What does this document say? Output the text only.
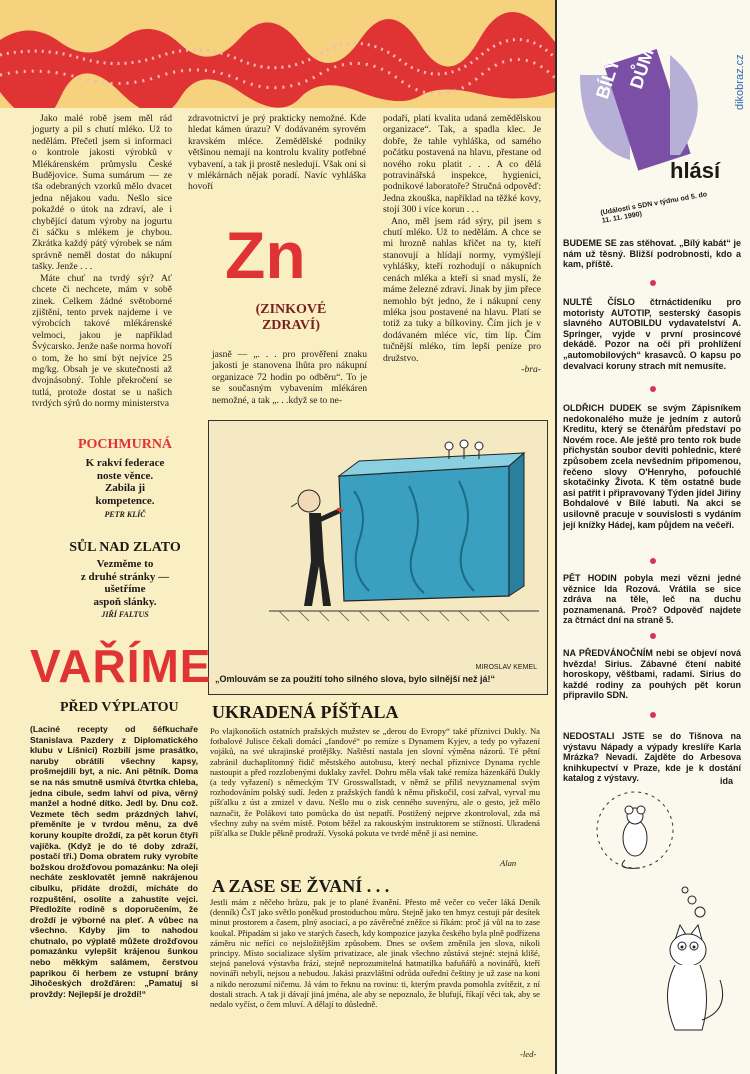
Jako malé robě jsem měl rád jogurty a pil s chutí mléko. Už to nedělám. Přečetl jsem si informaci o kontrole jakosti výrobků v Mlékárenském průmyslu České Budějovice. Suma sumárum — ze tša odebraných vzorků mělo dvacet jedna nějakou vadu. Nešlo sice pokaždé o útok na zdraví, ale i chybějící datum výroby na jogurtu či sáčku s mlékem je chybou. Zkrátka každý pátý výrobek se nám správně neměl dostat do nákupní tašky. Jenže . . .
Máte chuť na tvrdý sýr? Ať chcete či nechcete, mám v sobě zinek. Celkem žádné světoborné zjištění, tento prvek najdeme i ve výrobcích takové mlékárenské velmoci, jakou je například Švýcarsko. Jenže naše norma hovoří o tom, že ho smí být nejvíce 25 mg/kg. Obsah je ve skutečnosti až dvojnásobný. Tohle překročení se tutlá, protože dostat se u našich tvrdých sýrů do normy ministerstva
zdravotnictví je prý prakticky nemožné. Kde hledat kámen úrazu? V dodávaném syrovém kravském mléce. Zemědělské podniky většinou nemají na kontrolu kvality potřebné vybavení, a tak ji prostě nesledují. Však oni si v mlékárnách nějak poradí. Navíc vyhláška hovoří
Zn
(ZINKOVÉ ZDRAVÍ)
jasně — „. . . pro prověření znaku jakosti je stanovena lhůta pro nákupní organizace 72 hodin po odběru“. To je se současným vybavením mlékáren nemožné, a tak „. . .když se to ne-
podaří, platí kvalita udaná zemědělskou organizace“. Tak, a spadla klec. Je dobře, že tahle vyhláška, od samého počátku postavená na hlavu, přestane od nového roku platit . . . A co dělá potravinářská inspekce, hygienici, podnikové laboratoře? Stručná odpověď: Jedna zkouška, například na těžké kovy, stojí 300 i více korun . . .
Ano, měl jsem rád sýry, pil jsem s chutí mléko. Už to nedělám. A chce se mi hrozně nahlas křičet na ty, kteří stanovují a hlídají normy, vymýšlejí vyhlášky, kteří rozhodují o nákupních cenách mléka a kteří si snad myslí, že máme železné zdraví. Jinak by jim přece nemohlo být jedno, že i nákupní ceny mléka jsou postavené na hlavu. Platí se totiž za tuky a bílkoviny. Čím jich je v dodávaném mléce víc, tím líp. Čím tučnější mléko, tím lepší peníze pro družstvo.
-bra-
POCHMURNÁ
K rakví federace
noste věnce.
Zabila ji
kompetence.
PETR KLÍČ
SŮL NAD ZLATO
Vezměme to
z druhé stránky —
ušetříme
aspoň slánky.
JIŘÍ FALTUS
MIROSLAV KEMEL
„Omlouvám se za použití toho silného slova, bylo silnější než já!“
VAŘÍME
PŘED VÝPLATOU
(Laciné recepty od šéfkuchaře Stanislava Pazdery z Diplomatického klubu v Líšnici) Rozbilí jsme prasátko, naruby obrátili všechny kapsy, prošmejdili byt, a nic. Ani pětník. Doma se na nás smutně usmívá čtvrtka chleba, jedna cibule, sedm lahví od piva, věrný manžel a hodné dítko. Jedl by. Dnu což. Vezmete těch sedm prázdných lahví, přeměníte je v tvrdou měnu, za dvě koruny koupíte droždí, za pět korun čtyři vajíčka. (Když je do té doby zdraží, postačí tři.) Doma obratem ruky vyrobíte božskou drožďovou pomazánku: Na oleji necháte zesklovatět jemně nakrájenou cibulku, přidáte droždí, mícháte do rozpuštění, osolíte a zahustíte vejci. Předložíte rodině s doporučením, že droždí je výborné na pleť. A vůbec na všechno. Kdyby jim to nahodou chutnalo, po výplatě můžete drožďovou pomazánku vylepšit krájenou šunkou nebo měkkým salámem, čerstvou paprikou či herbem ze vstupní brány Jihočeských drožďáren: „Pamatuj si provždy: Nejlepší je droždí!“
UKRADENÁ PÍŠŤALA
Po vlajkonoších ostatních pražských mužstev se „derou do Evropy“ také příznivci Dukly. Na fotbalové Julisce čekali domácí „fandové“ po remíze s Dynamem Kyjev, a tedy po vyřazení vojáků, na své ukrajinské protějšky. Naštěstí nastala jen slovní výměna názorů. Té pětní zabránil duchaplítomný řidič městského autobusu, který nechal příznivce Dynama rychle nastoupit a před rozzlobenými duklaky zavřel. Dohru měla však také remíza házenkářů Dukly (a tedy vyřazení) s německým TV Grosswallstadt, v němž se příliš nevyznamenal svým rozhodováním polský sudí. Jeden z pražských fandů k němu přiskočil, cosi zařval, vyrval mu píšťalku z úst a zmizel v davu. Nešlo mu o zisk cenného suvenýru, ale o gesto, jež mělo naznačit, že Polákovi tato pomůcka do úst nepatří. Postižený nejprve zkontroloval, zda má všechny zuby na svém místě. Potom běžel za rakouským instruktorem se stížností. Ukradená píšťalka se Dukle pěkně prodraží. Vysoká pokuta ve tvrdé měně ji asi nemine.
Alan
A ZASE SE ŽVANÍ . . .
Jestli mám z něčeho hrůzu, pak je to plané žvanění. Přesto mě večer co večer láká Deník (denník) ČsT jako světlo poněkud prostoduchou můru. Stejně jako ten hmyz cestuji pár desítek minut prostorem a časem, plný asociací, a po závěrečné zněžce si říkám: proč já vůl na to zase koukal. Připadám si jako ve starých časech, kdy kompozice jazyka českého byla plně podřízena záměru nic neříci co nejsložitějším způsobem. Dnes se ovšem změnila jen slova, nikoli principy. Místo socializace slyším privatizace, ale jinak všechno zůstává stejné: stejná klišé, stejná panelová výstavba frází, stejně neprozumitelná hatmatilka bafuňářů a novinářů, kteří novináři nebyli, nejsou a nebudou. Jakási prazvláštní odrůda ouřední češtiny je už zase na koni a nikdo nerozumí ničemu. Já vám to řeknu na rovinu: ti, kterým pravda pomohla zvítězit, z ní dostali strach. A tak ji dávají jiná jména, ale aby se nepoznalo, že blufují, říkají věci tak, aby se nedalo vyčíst, o čem mluví. A dělají to důsledně.
-led-
dikobraz.cz
BÍLÝ DŮM
hlásí
(Události s SDN v týdnu od 5. do 11. 11. 1990)
BUDEME SE zas stěhovat. „Bílý kabát“ je nám už těsný. Bližší podrobnosti, kdo a kam, příště.
NULTÉ ČÍSLO čtrnáctideníku pro motoristy AUTOTIP, sesterský časopis slavného AUTOBILDU vydavatelství A. Springer, vyjde v první prosincové dekádě. Pozor na oči při prohlížení „automobilových“ krasavců. O kapsu po devalvaci koruny strach mít nemusíte.
OLDŘICH DUDEK se svým Zápisníkem nedokonalého muže je jedním z autorů Kreditu, který se čtenářům představí po Novém roce. Ale ještě pro tento rok bude přichystán soubor devíti pohlednic, které způsobem zcela nevšedním připomenou, řečeno slovy O'Henryho, pofouchlé skotačinky Života. K těm ostatně bude asi patřit i připravovaný Týden jídel Jiřiny Bohdalové v Bílé labuti. Na akci se usilovně pracuje v souvislosti s vydáním její knížky Hádej, kam půjdem na večeři.
PĚT HODIN pobyla mezi vězni jedné věznice Ida Rozová. Vrátila se sice zdráva na těle, leč na duchu poznamenaná. Proč? Odpověď najdete za čtrnáct dní na straně 5.
NA PŘEDVÁNOČNÍM nebi se objeví nová hvězda! Sirius. Zábavné čtení nabité horoskopy, věštbami, radami. Sirius do každé rodiny za pouhých pět korun připravilo SDN.
NEDOSTALI JSTE se do Tišnova na výstavu Nápady a výpady kreslíře Karla Mrázka? Nevadí. Zajděte do Arbesova knihkupectví v Praze, kde je k dostání katalog z výstavy.	ida
